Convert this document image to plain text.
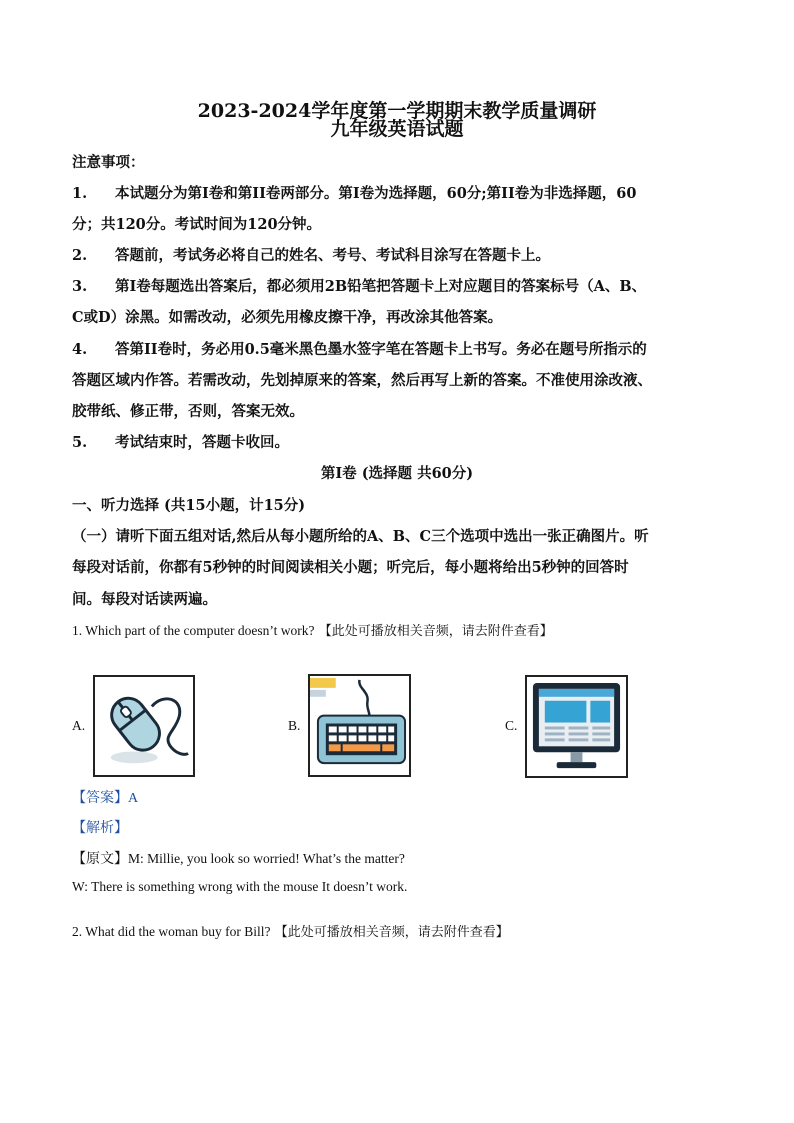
2023-2024学年度第一学期期末教学质量调研
九年级英语试题
注意事项：
1. 本试题分为第I卷和第II卷两部分。第I卷为选择题，60分;第II卷为非选择题，60
分；共120分。考试时间为120分钟。
2. 答题前，考试务必将自己的姓名、考号、考试科目涂写在答题卡上。
3. 第I卷每题选出答案后，都必须用2B铅笔把答题卡上对应题目的答案标号（A、B、
C或D）涂黑。如需改动，必须先用橡皮擦干净，再改涂其他答案。
4. 答第II卷时，务必用0.5毫米黑色墨水签字笔在答题卡上书写。务必在题号所指示的
答题区域内作答。若需改动，先划掉原来的答案，然后再写上新的答案。不准使用涂改液、
胶带纸、修正带，否则，答案无效。
5. 考试结束时，答题卡收回。
第I卷 (选择题 共60分)
一、听力选择 (共15小题，计15分)
（一）请听下面五组对话,然后从每小题所给的A、B、C三个选项中选出一张正确图片。听
每段对话前，你都有5秒钟的时间阅读相关小题；听完后，每小题将给出5秒钟的回答时
间。每段对话读两遍。
1. Which part of the computer doesn’t work? 【此处可播放相关音频，请去附件查看】
A.	B.	C.
【答案】A
【解析】
【原文】M: Millie, you look so worried! What’s the matter?
W: There is something wrong with the mouse It doesn’t work.
2. What did the woman buy for Bill? 【此处可播放相关音频，请去附件查看】
